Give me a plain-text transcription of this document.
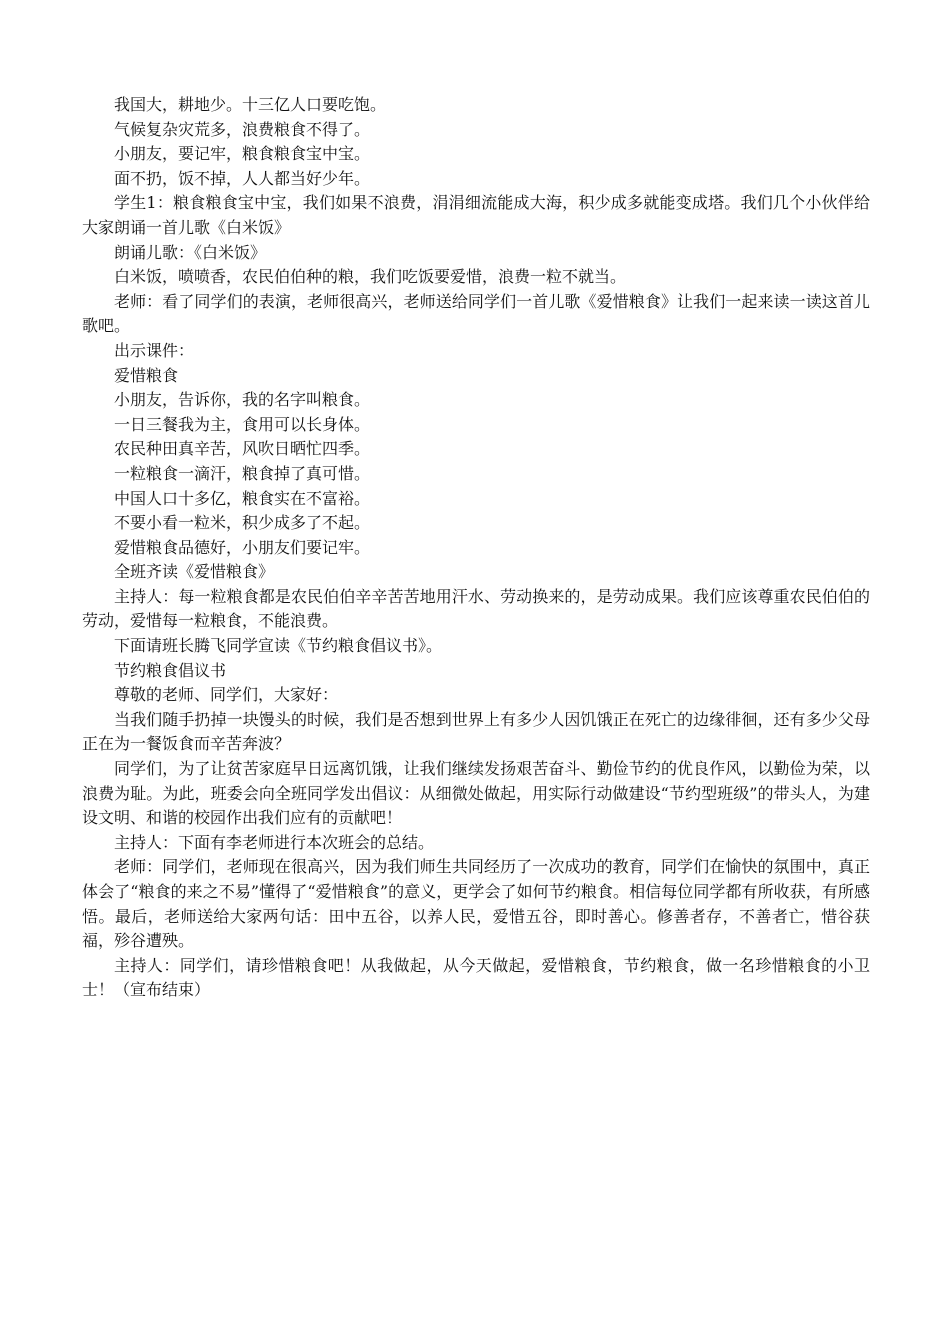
我国大，耕地少。十三亿人口要吃饱。

气候复杂灾荒多，浪费粮食不得了。

小朋友，要记牢，粮食粮食宝中宝。

面不扔，饭不掉，人人都当好少年。

学生1：粮食粮食宝中宝，我们如果不浪费，涓涓细流能成大海，积少成多就能变成塔。我们几个小伙伴给大家朗诵一首儿歌《白米饭》

朗诵儿歌：《白米饭》

白米饭，喷喷香，农民伯伯种的粮，我们吃饭要爱惜，浪费一粒不就当。

老师：看了同学们的表演，老师很高兴，老师送给同学们一首儿歌《爱惜粮食》让我们一起来读一读这首儿歌吧。

出示课件：

爱惜粮食

小朋友，告诉你，我的名字叫粮食。

一日三餐我为主，食用可以长身体。

农民种田真辛苦，风吹日晒忙四季。

一粒粮食一滴汗，粮食掉了真可惜。

中国人口十多亿，粮食实在不富裕。

不要小看一粒米，积少成多了不起。

爱惜粮食品德好，小朋友们要记牢。

全班齐读《爱惜粮食》

主持人：每一粒粮食都是农民伯伯辛辛苦苦地用汗水、劳动换来的，是劳动成果。我们应该尊重农民伯伯的劳动，爱惜每一粒粮食，不能浪费。

下面请班长腾飞同学宣读《节约粮食倡议书》。

节约粮食倡议书

尊敬的老师、同学们，大家好：

当我们随手扔掉一块馒头的时候，我们是否想到世界上有多少人因饥饿正在死亡的边缘徘徊，还有多少父母正在为一餐饭食而辛苦奔波？

同学们，为了让贫苦家庭早日远离饥饿，让我们继续发扬艰苦奋斗、勤俭节约的优良作风，以勤俭为荣，以浪费为耻。为此，班委会向全班同学发出倡议：从细微处做起，用实际行动做建设“节约型班级”的带头人，为建设文明、和谐的校园作出我们应有的贡献吧！

主持人：下面有李老师进行本次班会的总结。

老师：同学们，老师现在很高兴，因为我们师生共同经历了一次成功的教育，同学们在愉快的氛围中，真正体会了“粮食的来之不易”懂得了“爱惜粮食”的意义，更学会了如何节约粮食。相信每位同学都有所收获，有所感悟。最后，老师送给大家两句话：田中五谷，以养人民，爱惜五谷，即时善心。修善者存，不善者亡，惜谷获福，殄谷遭殃。

主持人：同学们，请珍惜粮食吧！从我做起，从今天做起，爱惜粮食，节约粮食，做一名珍惜粮食的小卫士！（宣布结束）
